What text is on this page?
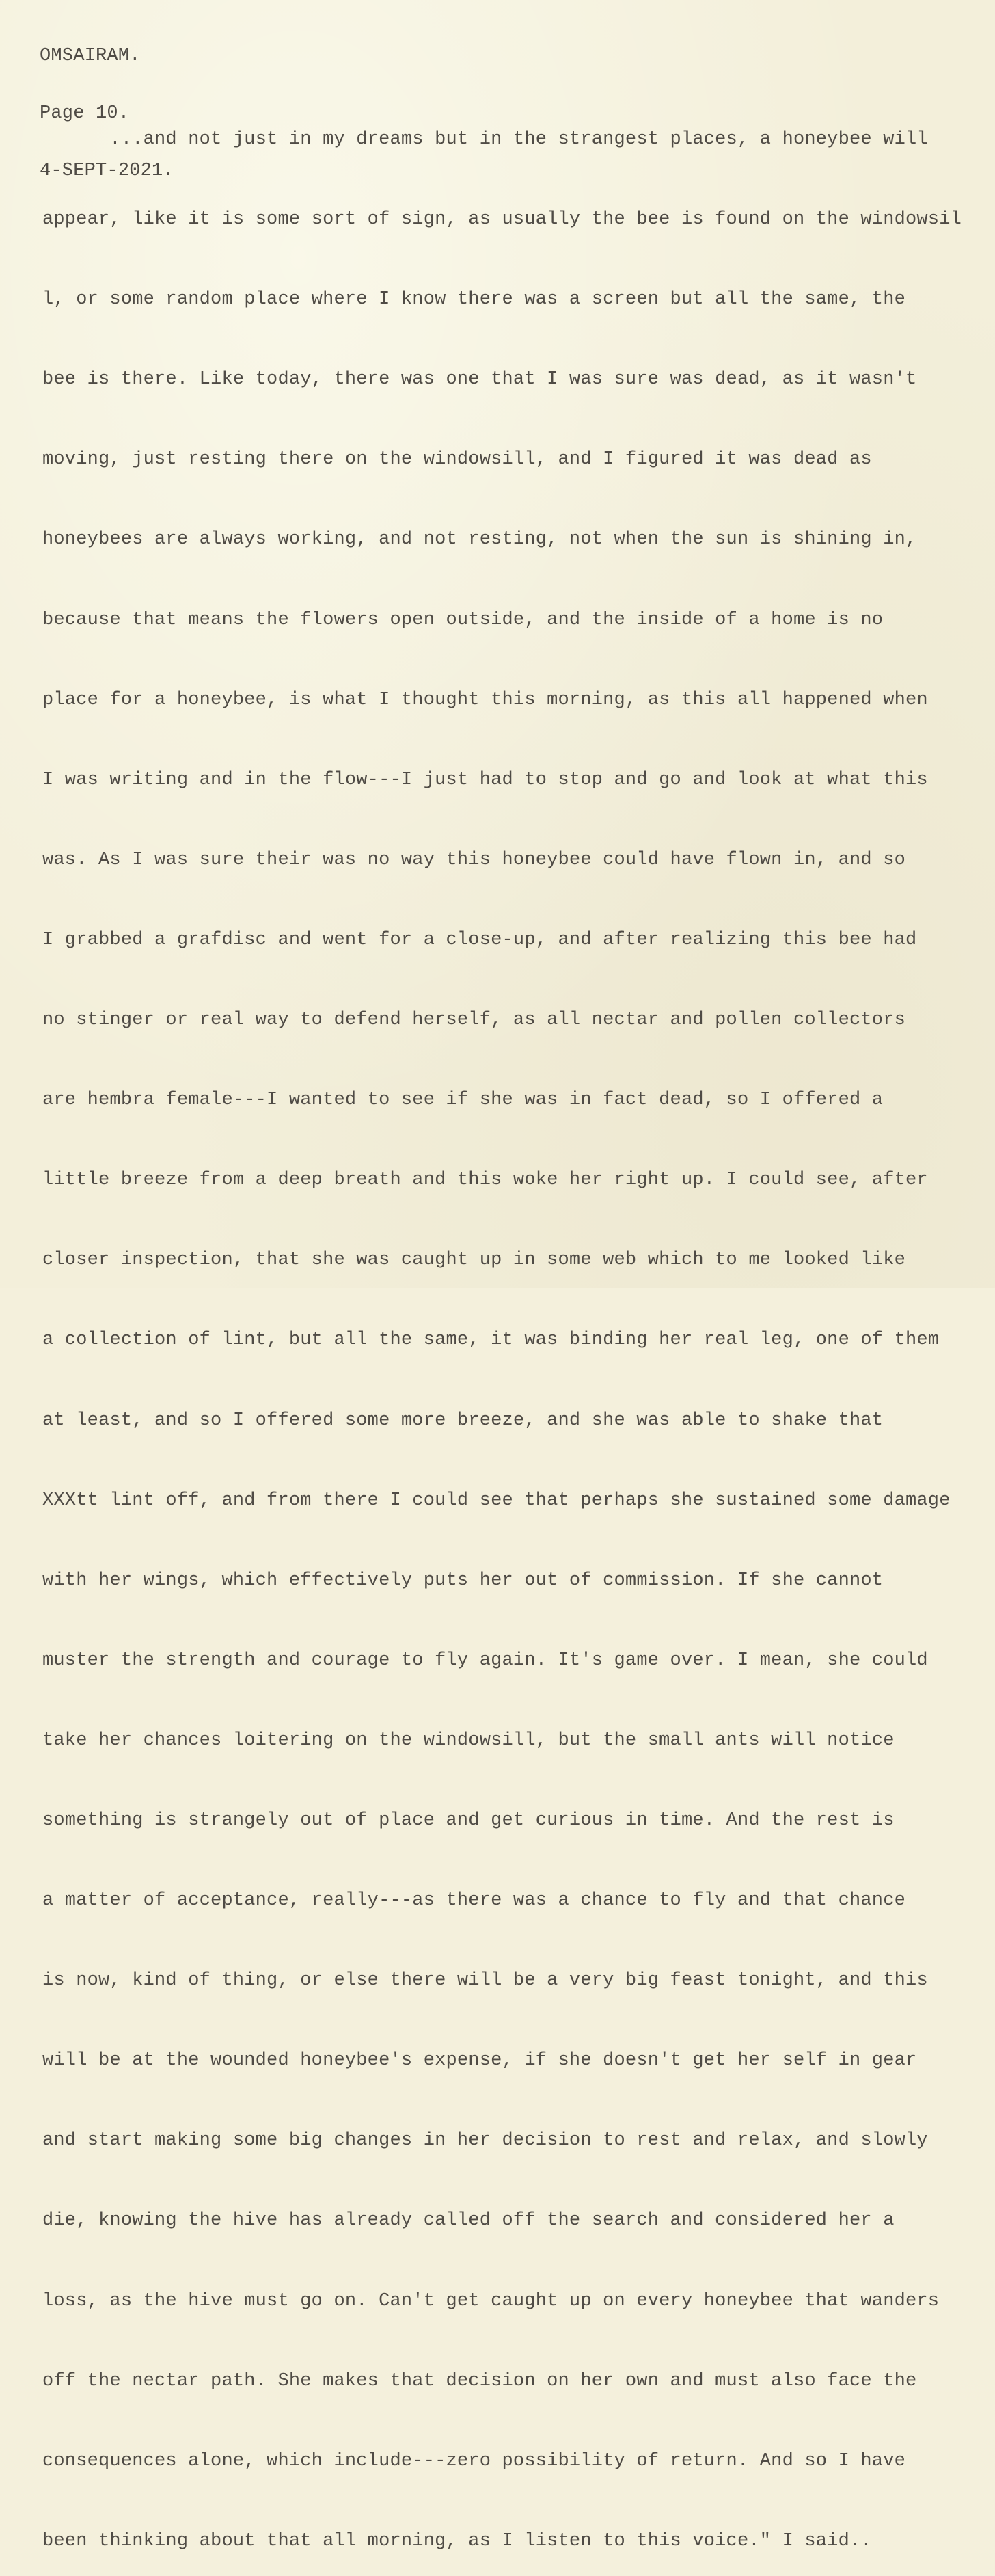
OMSAIRAM.

Page 10.

4-SEPT-2021.

...and not just in my dreams but in the strangest places, a honeybee will

appear, like it is some sort of sign, as usually the bee is found on the windowsil

l, or some random place where I know there was a screen but all the same, the

bee is there. Like today, there was one that I was sure was dead, as it wasn't

moving, just resting there on the windowsill, and I figured it was dead as

honeybees are always working, and not resting, not when the sun is shining in,

because that means the flowers open outside, and the inside of a home is no

place for a honeybee, is what I thought this morning, as this all happened when

I was writing and in the flow---I just had to stop and go and look at what this

was. As I was sure their was no way this honeybee could have flown in, and so

I grabbed a grafdisc and went for a close-up, and after realizing this bee had

no stinger or real way to defend herself, as all nectar and pollen collectors

are hembra female---I wanted to see if she was in fact dead, so I offered a

little breeze from a deep breath and this woke her right up. I could see, after

closer inspection, that she was caught up in some web which to me looked like

a collection of lint, but all the same, it was binding her real leg, one of them

at least, and so I offered some more breeze, and she was able to shake that

XXXtt lint off, and from there I could see that perhaps she sustained some damage

with her wings, which effectively puts her out of commission. If she cannot

muster the strength and courage to fly again. It's game over. I mean, she could

take her chances loitering on the windowsill, but the small ants will notice

something is strangely out of place and get curious in time. And the rest is

a matter of acceptance, really---as there was a chance to fly and that chance

is now, kind of thing, or else there will be a very big feast tonight, and this

will be at the wounded honeybee's expense, if she doesn't get her self in gear

and start making some big changes in her decision to rest and relax, and slowly

die, knowing the hive has already called off the search and considered her a

loss, as the hive must go on. Can't get caught up on every honeybee that wanders

off the nectar path. She makes that decision on her own and must also face the

consequences alone, which include---zero possibility of return. And so I have

been thinking about that all morning, as I listen to this voice." I said..
